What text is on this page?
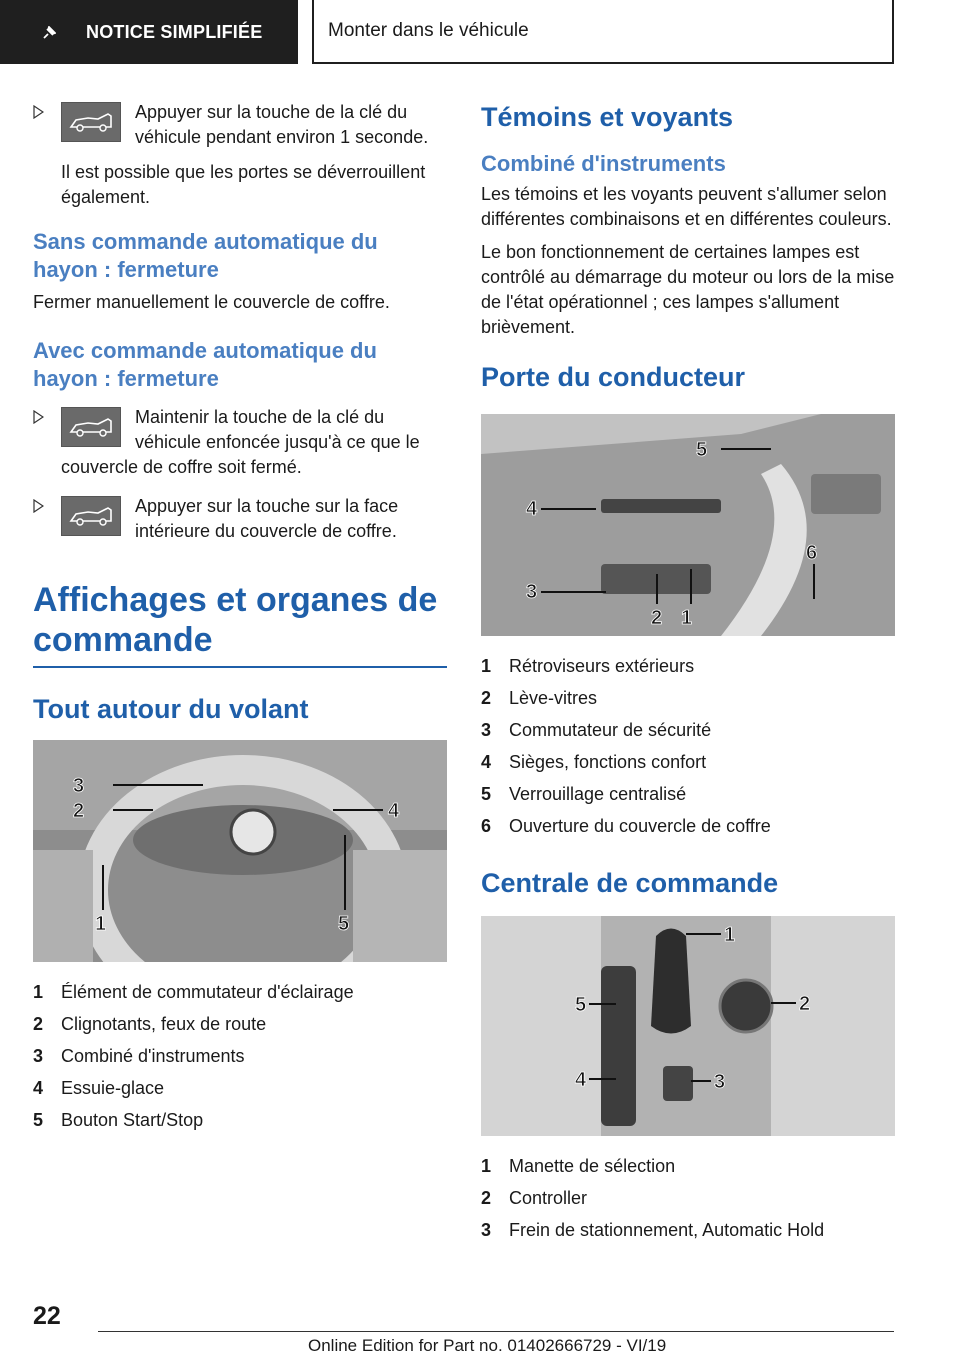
NOTICE SIMPLIFIÉE	Monter dans le véhicule
Appuyer sur la touche de la clé du véhicule pendant environ 1 seconde.
Il est possible que les portes se déverrouillent également.
Sans commande automatique du hayon : fermeture
Fermer manuellement le couvercle de coffre.
Avec commande automatique du hayon : fermeture
Maintenir la touche de la clé du véhicule enfoncée jusqu'à ce que le couvercle de coffre soit fermé.
Appuyer sur la touche sur la face intérieure du couvercle de coffre.
Affichages et organes de commande
Tout autour du volant
3
2	4
1	5
1 Élément de commutateur d'éclairage
2 Clignotants, feux de route
3 Combiné d'instruments
4 Essuie-glace
5 Bouton Start/Stop
Témoins et voyants
Combiné d'instruments
Les témoins et les voyants peuvent s'allumer selon différentes combinaisons et en différentes couleurs.
Le bon fonctionnement de certaines lampes est contrôlé au démarrage du moteur ou lors de la mise de l'état opérationnel ; ces lampes s'allument brièvement.
Porte du conducteur
1
2
3
4
5
6
1 Rétroviseurs extérieurs
2 Lève-vitres
3 Commutateur de sécurité
4 Sièges, fonctions confort
5 Verrouillage centralisé
6 Ouverture du couvercle de coffre
Centrale de commande
1
2
3
4
5
1 Manette de sélection
2 Controller
3 Frein de stationnement, Automatic Hold
22
Online Edition for Part no. 01402666729 - VI/19
